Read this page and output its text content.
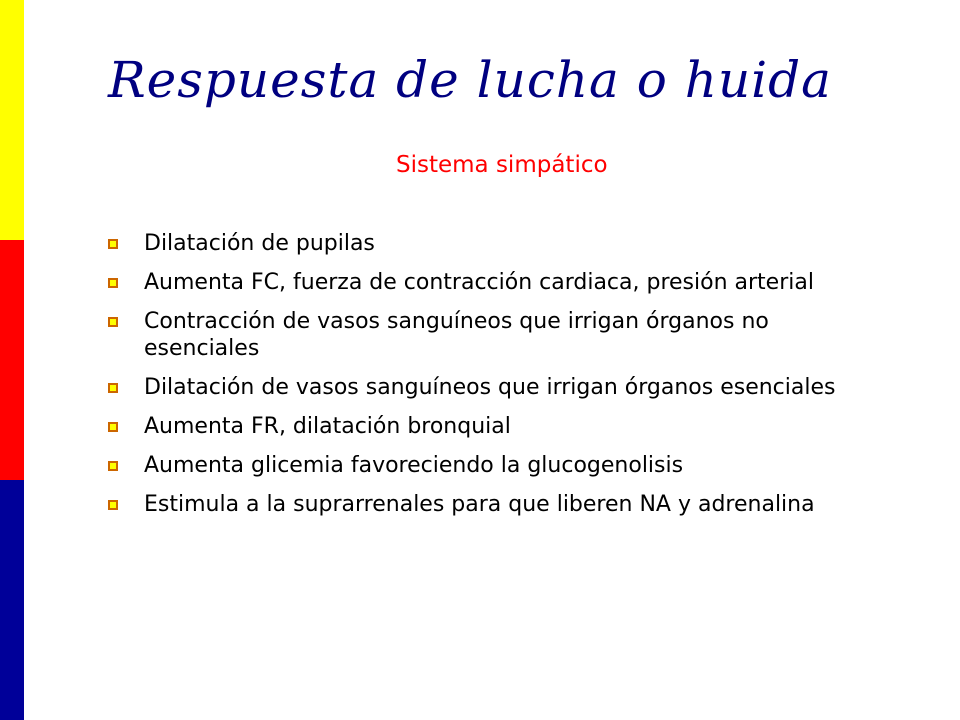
Respuesta de lucha o huida
Sistema simpático
Dilatación de pupilas
Aumenta FC, fuerza de contracción cardiaca, presión arterial
Contracción de vasos sanguíneos que irrigan órganos no esenciales
Dilatación de vasos sanguíneos que irrigan órganos esenciales
Aumenta FR, dilatación bronquial
Aumenta glicemia favoreciendo la glucogenolisis
Estimula a la suprarrenales para que liberen NA y adrenalina
